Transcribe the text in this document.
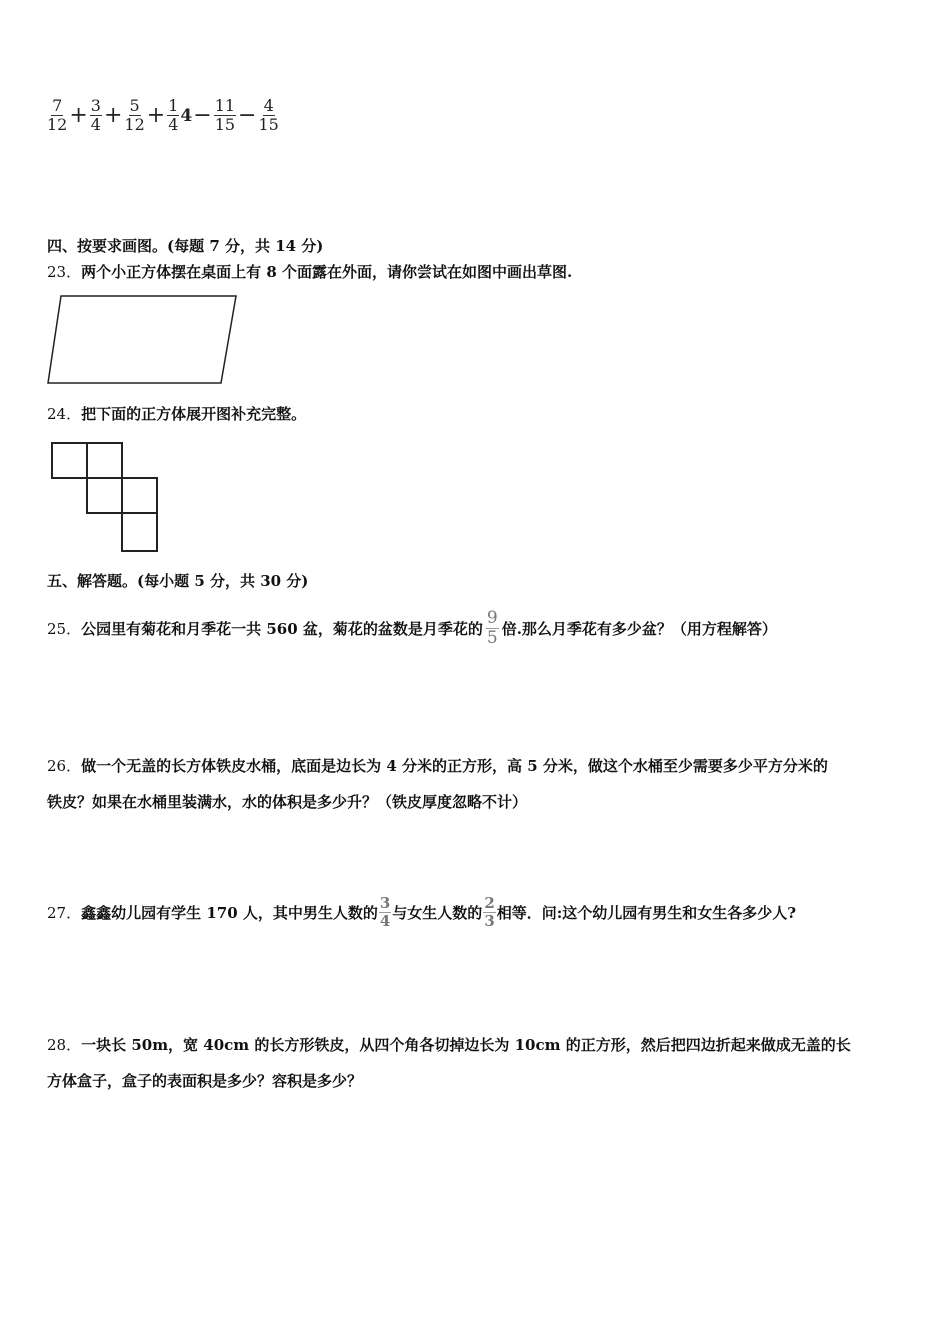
$\frac{7}{12} + \frac{3}{4} + \frac{5}{12} + \frac{1}{4} 4 - \frac{11}{15} - \frac{4}{15}$
四、按要求画图。(每题 7 分，共 14 分)
23．两个小正方体摆在桌面上有 8 个面露在外面，请你尝试在如图中画出草图.
24．把下面的正方体展开图补充完整。
五、解答题。(每小题 5 分，共 30 分)
25． 公园里有菊花和月季花一共 560 盆，菊花的盆数是月季花的 $\frac{9}{5}$ 倍.那么月季花有多少盆？（用方程解答）
26．做一个无盖的长方体铁皮水桶，底面是边长为 4 分米的正方形，高 5 分米，做这个水桶至少需要多少平方分米的
铁皮？如果在水桶里装满水，水的体积是多少升？（铁皮厚度忽略不计）
27． 鑫鑫幼儿园有学生 170 人，其中男生人数的 $\frac{3}{4}$ 与女生人数的 $\frac{2}{3}$ 相等．问:这个幼儿园有男生和女生各多少人?
28．一块长 50m，宽 40cm 的长方形铁皮，从四个角各切掉边长为 10cm 的正方形，然后把四边折起来做成无盖的长
方体盒子，盒子的表面积是多少？容积是多少？
